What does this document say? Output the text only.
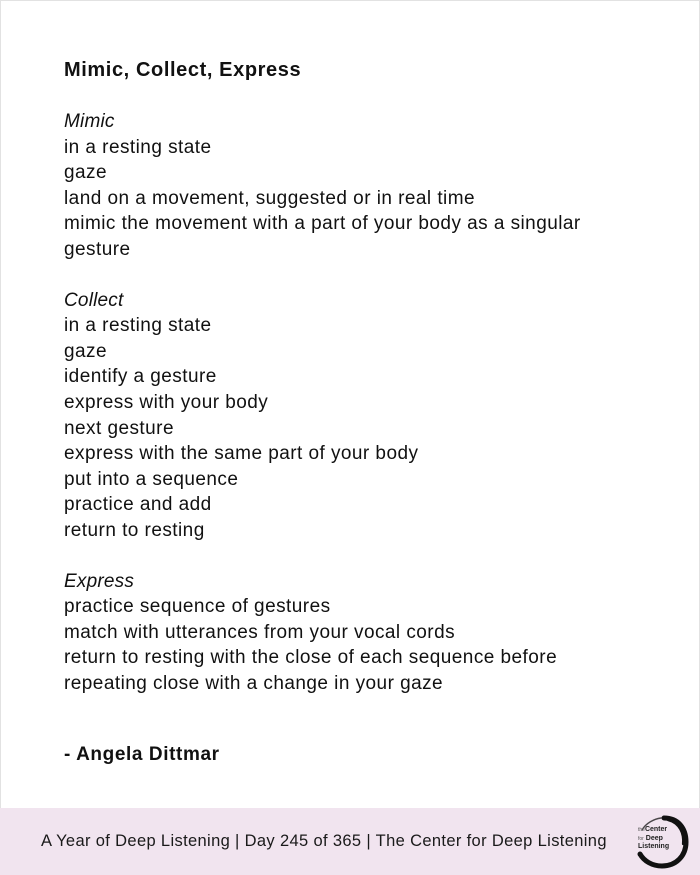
Mimic, Collect, Express
Mimic
in a resting state
gaze
land on a movement, suggested or in real time
mimic the movement with a part of your body as a singular
gesture
Collect
in a resting state
gaze
identify a gesture
express with your body
next gesture
express with the same part of your body
put into a sequence
practice and add
return to resting
Express
practice sequence of gestures
match with utterances from your vocal cords
return to resting with the close of each sequence before
repeating close with a change in your gaze
- Angela Dittmar
A Year of Deep Listening | Day 245 of 365 | The Center for Deep Listening
theCenter
for Deep
Listening
